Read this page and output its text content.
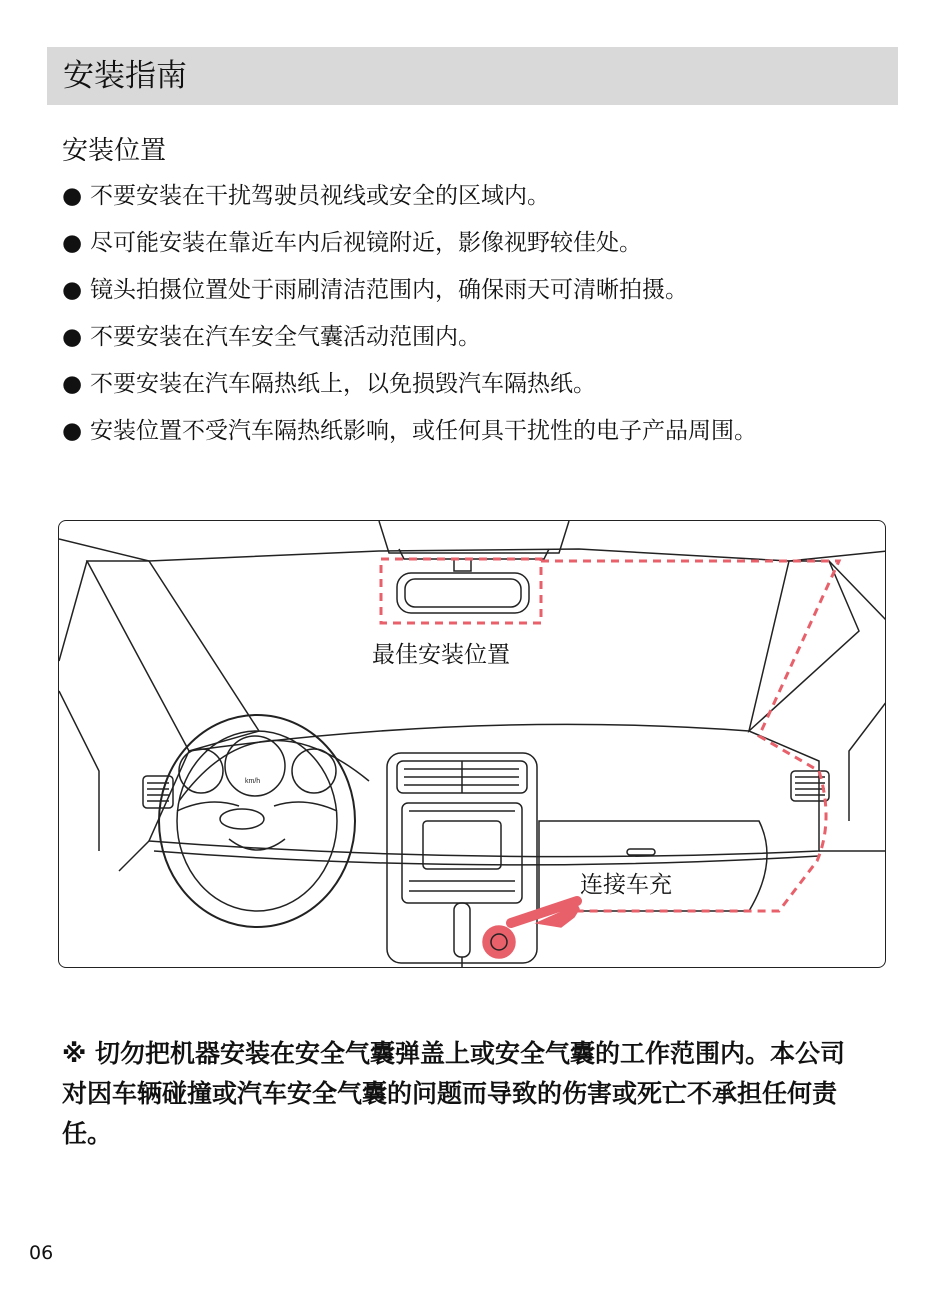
安装指南
安装位置
● 不要安装在干扰驾驶员视线或安全的区域内。
● 尽可能安装在靠近车内后视镜附近，影像视野较佳处。
● 镜头拍摄位置处于雨刷清洁范围内，确保雨天可清晰拍摄。
● 不要安装在汽车安全气囊活动范围内。
● 不要安装在汽车隔热纸上，以免损毁汽车隔热纸。
● 安装位置不受汽车隔热纸影响，或任何具干扰性的电子产品周围。
km/h
最佳安装位置
连接车充
※ 切勿把机器安装在安全气囊弹盖上或安全气囊的工作范围内。本公司对因车辆碰撞或汽车安全气囊的问题而导致的伤害或死亡不承担任何责任。
06
